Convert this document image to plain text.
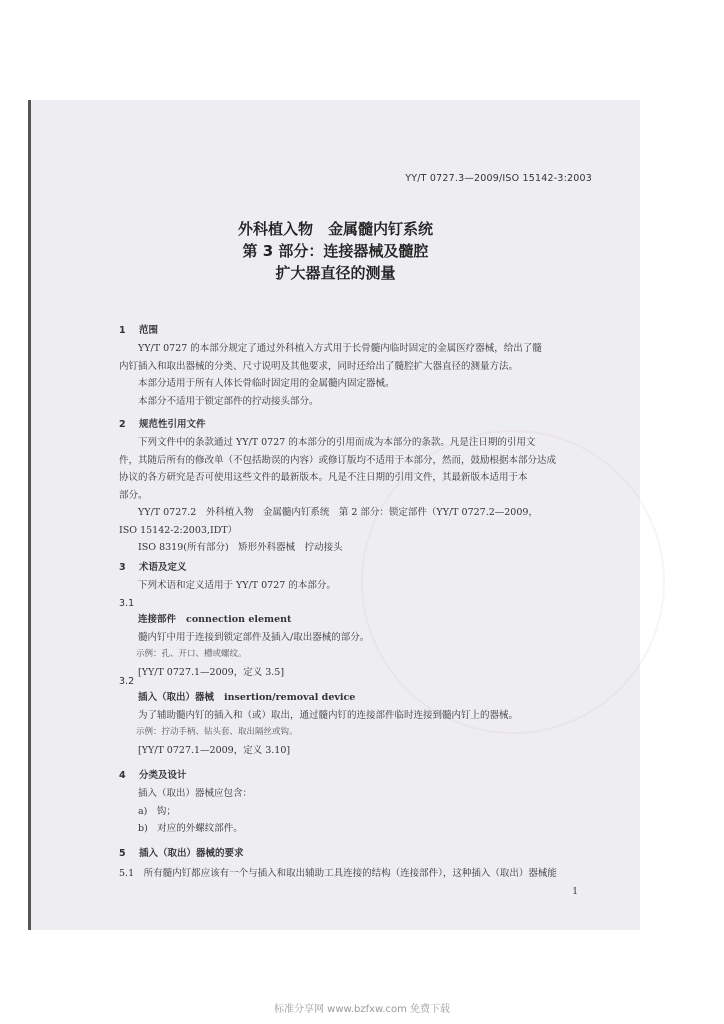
YY/T 0727.3—2009/ISO 15142-3:2003
外科植入物　金属髓内钉系统
第 3 部分：连接器械及髓腔
扩大器直径的测量
1 范围
　　YY/T 0727 的本部分规定了通过外科植入方式用于长骨髓内临时固定的金属医疗器械，给出了髓
内钉插入和取出器械的分类、尺寸说明及其他要求，同时还给出了髓腔扩大器直径的测量方法。
　　本部分适用于所有人体长骨临时固定用的金属髓内固定器械。
　　本部分不适用于锁定部件的拧动接头部分。
2 规范性引用文件
　　下列文件中的条款通过 YY/T 0727 的本部分的引用而成为本部分的条款。凡是注日期的引用文
件，其随后所有的修改单（不包括勘误的内容）或修订版均不适用于本部分，然而，鼓励根据本部分达成
协议的各方研究是否可使用这些文件的最新版本。凡是不注日期的引用文件，其最新版本适用于本
部分。
　　YY/T 0727.2　外科植入物　金属髓内钉系统　第 2 部分：锁定部件（YY/T 0727.2—2009，
ISO 15142-2:2003,IDT）
　　ISO 8319(所有部分)　矫形外科器械　拧动接头
3 术语及定义
　　下列术语和定义适用于 YY/T 0727 的本部分。
3.1
　　连接部件 connection element
　　髓内钉中用于连接到锁定部件及插入/取出器械的部分。
　　示例：孔、开口、槽或螺纹。
　　[YY/T 0727.1—2009，定义 3.5]
3.2
　　插入（取出）器械 insertion/removal device
　　为了辅助髓内钉的插入和（或）取出，通过髓内钉的连接部件临时连接到髓内钉上的器械。
　　示例：拧动手柄、钻头套、取出隔丝或钩。
　　[YY/T 0727.1—2009，定义 3.10]
4 分类及设计
　　插入（取出）器械应包含：
　　a)　钩；
　　b)　对应的外螺纹部件。
5 插入（取出）器械的要求
5.1　所有髓内钉都应该有一个与插入和取出辅助工具连接的结构（连接部件），这种插入（取出）器械能
1
标准分享网 www.bzfxw.com 免费下载
